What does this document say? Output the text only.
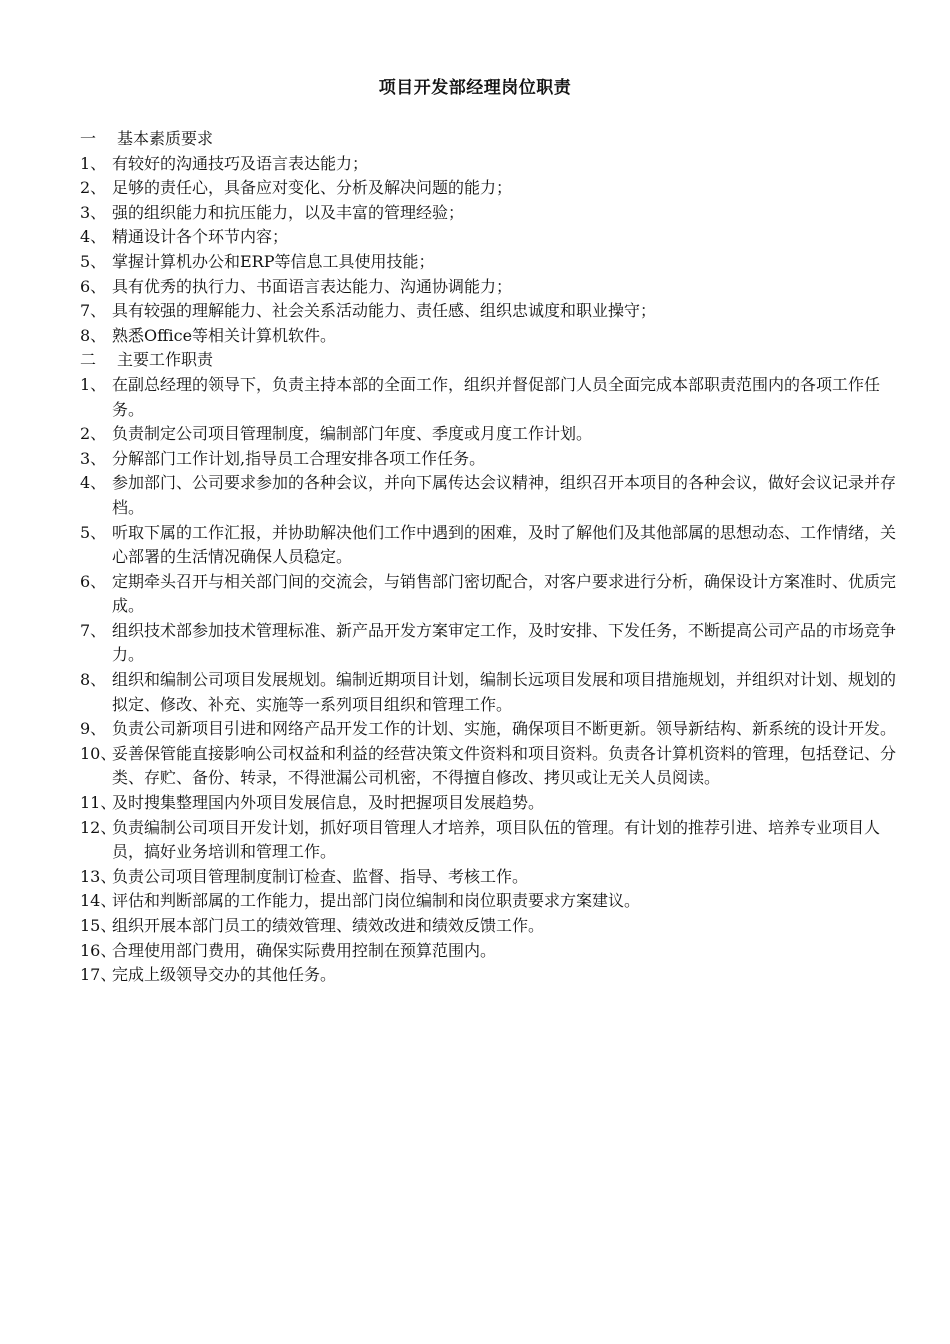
项目开发部经理岗位职责
一	基本素质要求
1、 有较好的沟通技巧及语言表达能力；
2、 足够的责任心，具备应对变化、分析及解决问题的能力；
3、 强的组织能力和抗压能力，以及丰富的管理经验；
4、 精通设计各个环节内容；
5、 掌握计算机办公和ERP等信息工具使用技能；
6、 具有优秀的执行力、书面语言表达能力、沟通协调能力；
7、 具有较强的理解能力、社会关系活动能力、责任感、组织忠诚度和职业操守；
8、 熟悉Office等相关计算机软件。
二	主要工作职责
1、 在副总经理的领导下，负责主持本部的全面工作，组织并督促部门人员全面完成本部职责范围内的各项工作任务。
2、 负责制定公司项目管理制度，编制部门年度、季度或月度工作计划。
3、 分解部门工作计划,指导员工合理安排各项工作任务。
4、 参加部门、公司要求参加的各种会议，并向下属传达会议精神，组织召开本项目的各种会议，做好会议记录并存档。
5、 听取下属的工作汇报，并协助解决他们工作中遇到的困难，及时了解他们及其他部属的思想动态、工作情绪，关心部署的生活情况确保人员稳定。
6、 定期牵头召开与相关部门间的交流会，与销售部门密切配合，对客户要求进行分析，确保设计方案准时、优质完成。
7、 组织技术部参加技术管理标准、新产品开发方案审定工作，及时安排、下发任务，不断提高公司产品的市场竞争力。
8、 组织和编制公司项目发展规划。编制近期项目计划，编制长远项目发展和项目措施规划，并组织对计划、规划的拟定、修改、补充、实施等一系列项目组织和管理工作。
9、 负责公司新项目引进和网络产品开发工作的计划、实施，确保项目不断更新。领导新结构、新系统的设计开发。
10、
妥善保管能直接影响公司权益和利益的经营决策文件资料和项目资料。负责各计算机资料的管理，包括登记、分类、存贮、备份、转录，不得泄漏公司机密，不得擅自修改、拷贝或让无关人员阅读。
11、
及时搜集整理国内外项目发展信息，及时把握项目发展趋势。
12、
负责编制公司项目开发计划，抓好项目管理人才培养，项目队伍的管理。有计划的推荐引进、培养专业项目人员，搞好业务培训和管理工作。
13、
负责公司项目管理制度制订检查、监督、指导、考核工作。
14、
评估和判断部属的工作能力，提出部门岗位编制和岗位职责要求方案建议。
15、
组织开展本部门员工的绩效管理、绩效改进和绩效反馈工作。
16、
合理使用部门费用，确保实际费用控制在预算范围内。
17、
完成上级领导交办的其他任务。
